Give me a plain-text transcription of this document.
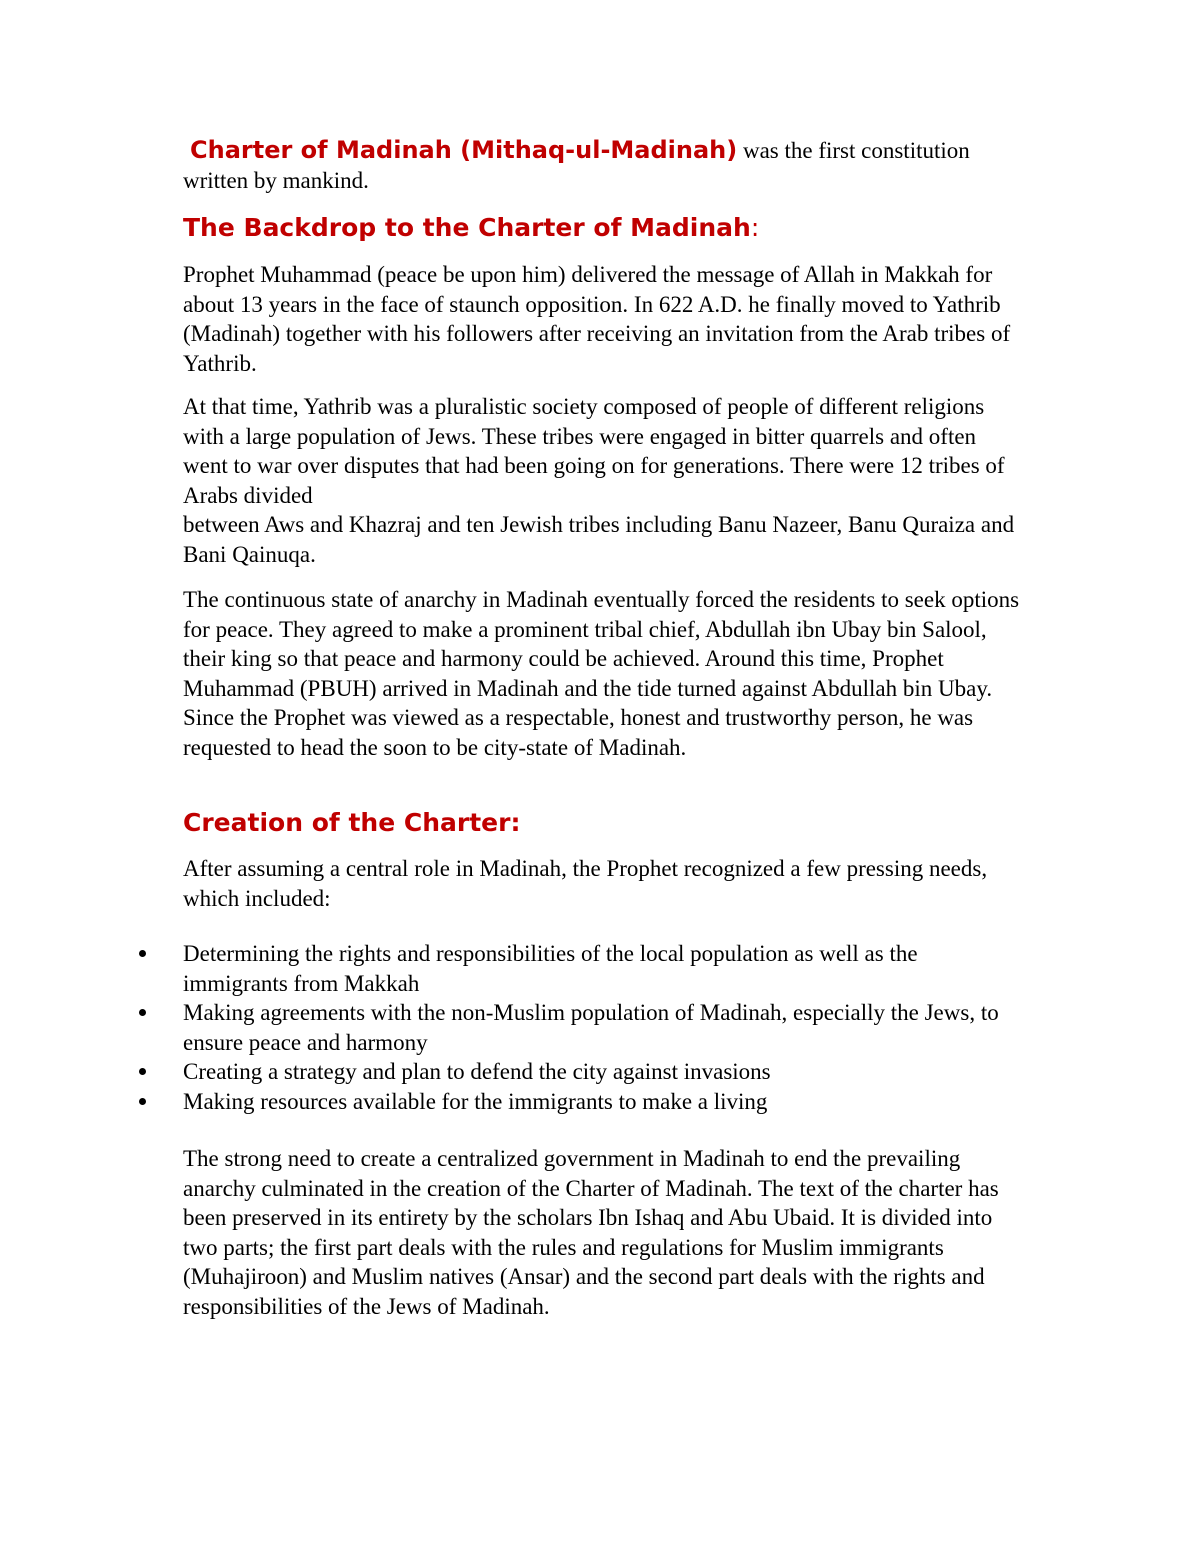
Charter of Madinah (Mithaq-ul-Madinah) was the first constitution written by mankind.

The Backdrop to the Charter of Madinah:

Prophet Muhammad (peace be upon him) delivered the message of Allah in Makkah for about 13 years in the face of staunch opposition. In 622 A.D. he finally moved to Yathrib (Madinah) together with his followers after receiving an invitation from the Arab tribes of Yathrib.

At that time, Yathrib was a pluralistic society composed of people of different religions with a large population of Jews. These tribes were engaged in bitter quarrels and often went to war over disputes that had been going on for generations. There were 12 tribes of Arabs divided

between Aws and Khazraj and ten Jewish tribes including Banu Nazeer, Banu Quraiza and Bani Qainuqa.

The continuous state of anarchy in Madinah eventually forced the residents to seek options for peace. They agreed to make a prominent tribal chief, Abdullah ibn Ubay bin Salool, their king so that peace and harmony could be achieved. Around this time, Prophet Muhammad (PBUH) arrived in Madinah and the tide turned against Abdullah bin Ubay. Since the Prophet was viewed as a respectable, honest and trustworthy person, he was requested to head the soon to be city-state of Madinah.

Creation of the Charter:

After assuming a central role in Madinah, the Prophet recognized a few pressing needs, which included:

Determining the rights and responsibilities of the local population as well as the immigrants from Makkah
Making agreements with the non-Muslim population of Madinah, especially the Jews, to ensure peace and harmony
Creating a strategy and plan to defend the city against invasions
Making resources available for the immigrants to make a living

The strong need to create a centralized government in Madinah to end the prevailing anarchy culminated in the creation of the Charter of Madinah. The text of the charter has been preserved in its entirety by the scholars Ibn Ishaq and Abu Ubaid. It is divided into two parts; the first part deals with the rules and regulations for Muslim immigrants (Muhajiroon) and Muslim natives (Ansar) and the second part deals with the rights and responsibilities of the Jews of Madinah.
